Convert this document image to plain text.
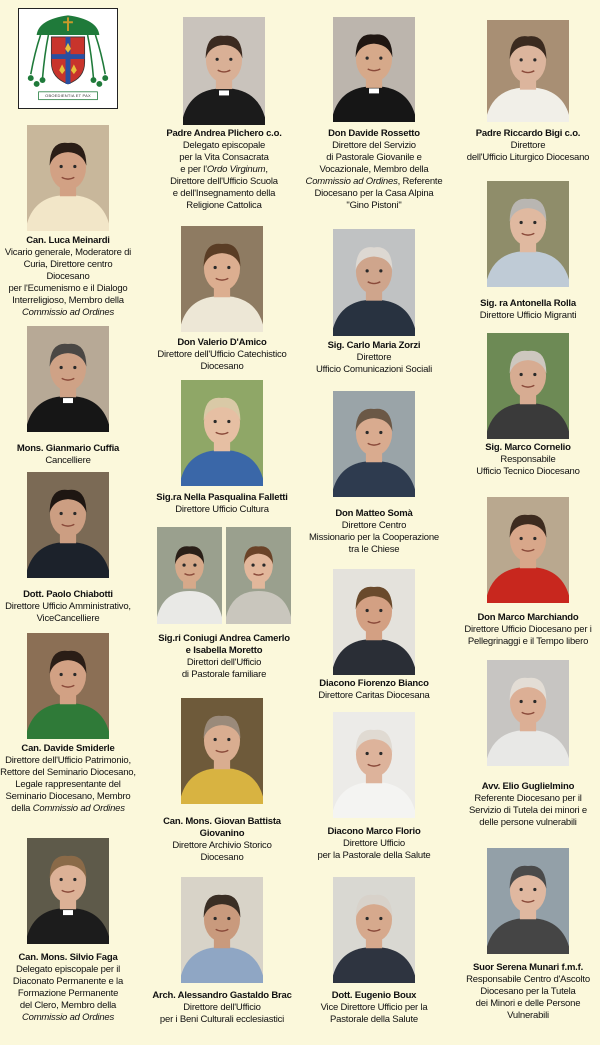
OBOEDIENTIA ET PAX
Padre Andrea Plichero c.o.
Delegato episcopale
per la Vita Consacrata
e per l'Ordo Virginum,
Direttore dell'Ufficio Scuola
e dell'Insegnamento della
Religione Cattolica
Don Davide Rossetto
Direttore del Servizio
di Pastorale Giovanile e
Vocazionale, Membro della
Commissio ad Ordines, Referente
Diocesano per la Casa Alpina
"Gino Pistoni"
Padre Riccardo Bigi c.o.
Direttore
dell'Ufficio Liturgico Diocesano
Can. Luca Meinardi
Vicario generale, Moderatore di
Curia, Direttore centro Diocesano
per l'Ecumenismo e il Dialogo
Interreligioso, Membro della
Commissio ad Ordines
Don Valerio D'Amico
Direttore dell'Ufficio Catechistico
Diocesano
Sig. Carlo Maria Zorzi
Direttore
Ufficio Comunicazioni Sociali
Sig. ra Antonella Rolla
Direttore Ufficio Migranti
Mons. Gianmario Cuffia
Cancelliere
Sig.ra Nella Pasqualina Falletti
Direttore Ufficio Cultura	Don Matteo Somà
Direttore Centro
Missionario per la Cooperazione
tra le Chiese
Sig. Marco Cornelio
Responsabile
Ufficio Tecnico Diocesano
Dott. Paolo Chiabotti
Direttore Ufficio Amministrativo,
ViceCancelliere
Sig.ri Coniugi Andrea Camerlo
e Isabella Moretto
Direttori dell'Ufficio
di Pastorale familiare
Don Marco Marchiando
Direttore Ufficio Diocesano per i
Pellegrinaggi e il Tempo libero
Diacono Fiorenzo Bianco
Direttore Caritas Diocesana
Can. Davide Smiderle
Direttore dell'Ufficio Patrimonio,
Rettore del Seminario Diocesano,
Legale rappresentante del
Seminario Diocesano, Membro
della Commissio ad Ordines
Can. Mons. Giovan Battista
Giovanino
Direttore Archivio Storico
Diocesano
Diacono Marco Florio
Direttore Ufficio
per la Pastorale della Salute
Avv. Elio Guglielmino
Referente Diocesano per il
Servizio di Tutela dei minori e
delle persone vulnerabili
Can. Mons. Silvio Faga
Delegato episcopale per il
Diaconato Permanente e la
Formazione Permanente
del Clero, Membro della
Commissio ad Ordines
Arch. Alessandro Gastaldo Brac
Direttore dell'Ufficio
per i Beni Culturali ecclesiastici
Dott. Eugenio Boux
Vice Direttore Ufficio per la
Pastorale della Salute
Suor Serena Munari f.m.f.
Responsabile Centro d'Ascolto
Diocesano per la Tutela
dei Minori e delle Persone
Vulnerabili
